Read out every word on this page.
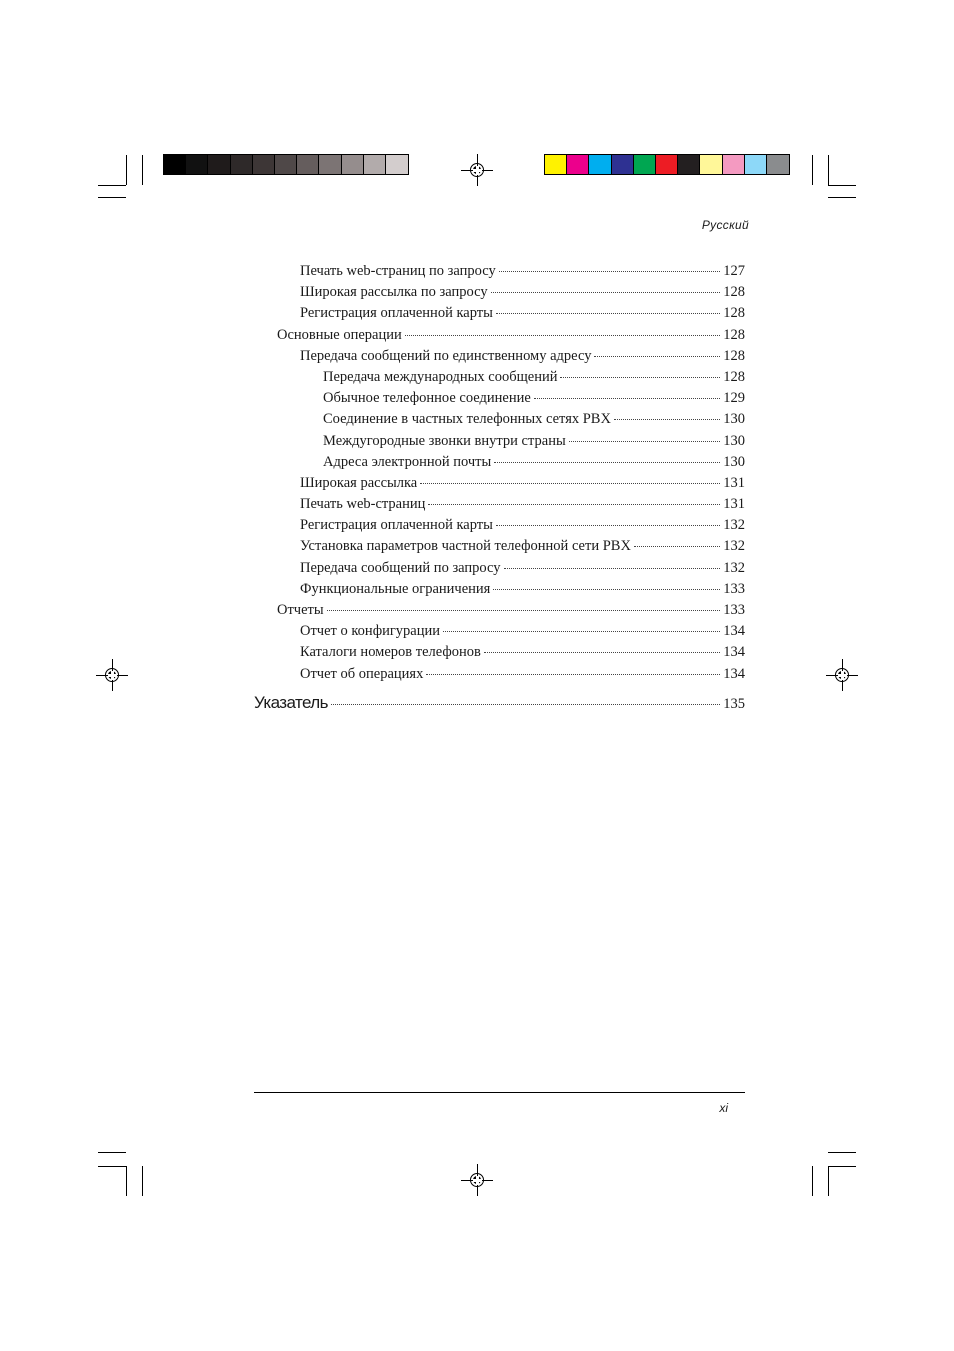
Русский
Печать web-страниц по запросу	127
Широкая рассылка по запросу	128
Регистрация оплаченной карты	128
Основные операции	128
Передача сообщений по единственному адресу	128
Передача международных сообщений	128
Обычное телефонное соединение	129
Соединение в частных телефонных сетях PBX	130
Междугородные звонки внутри страны	130
Адреса электронной почты	130
Широкая рассылка	131
Печать web-страниц	131
Регистрация оплаченной карты	132
Установка параметров частной телефонной сети PBX	132
Передача сообщений по запросу	132
Функциональные ограничения	133
Отчеты	133
Отчет о конфигурации	134
Каталоги номеров телефонов	134
Отчет об операциях	134
Указатель	135
xi
